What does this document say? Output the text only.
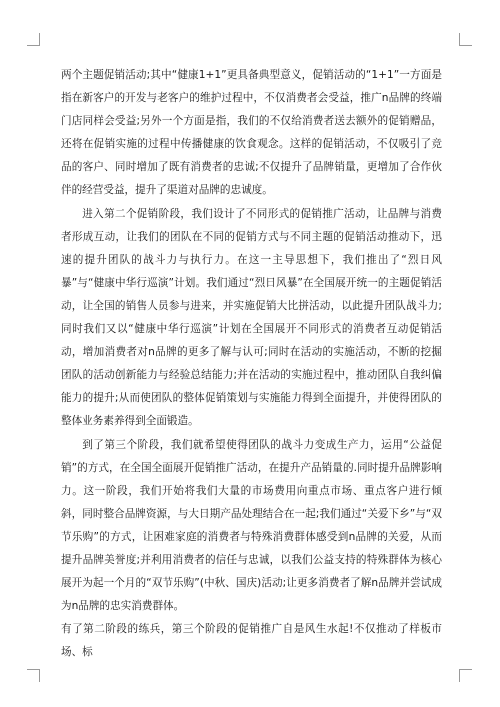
两个主题促销活动;其中“健康1+1”更具备典型意义，促销活动的“1+1”一方面是指在新客户的开发与老客户的维护过程中，不仅消费者会受益，推广n品牌的终端门店同样会受益;另外一个方面是指，我们的不仅给消费者送去额外的促销赠品，还将在促销实施的过程中传播健康的饮食观念。这样的促销活动，不仅吸引了竞品的客户、同时增加了既有消费者的忠诚;不仅提升了品牌销量，更增加了合作伙伴的经营受益，提升了渠道对品牌的忠诚度。

进入第二个促销阶段，我们设计了不同形式的促销推广活动，让品牌与消费者形成互动，让我们的团队在不同的促销方式与不同主题的促销活动推动下，迅速的提升团队的战斗力与执行力。在这一主导思想下，我们推出了“烈日风暴”与“健康中华行巡演”计划。我们通过“烈日风暴”在全国展开统一的主题促销活动，让全国的销售人员参与进来，并实施促销大比拼活动，以此提升团队战斗力;同时我们又以“健康中华行巡演”计划在全国展开不同形式的消费者互动促销活动，增加消费者对n品牌的更多了解与认可;同时在活动的实施活动，不断的挖掘团队的活动创新能力与经验总结能力;并在活动的实施过程中，推动团队自我纠偏能力的提升;从而使团队的整体促销策划与实施能力得到全面提升，并使得团队的整体业务素养得到全面锻造。

到了第三个阶段，我们就希望使得团队的战斗力变成生产力，运用“公益促销”的方式，在全国全面展开促销推广活动，在提升产品销量的.同时提升品牌影响力。这一阶段，我们开始将我们大量的市场费用向重点市场、重点客户进行倾斜，同时整合品牌资源，与大日期产品处理结合在一起;我们通过“关爱下乡”与“双节乐购”的方式，让困难家庭的消费者与特殊消费群体感受到n品牌的关爱，从而提升品牌美誉度;并利用消费者的信任与忠诚，以我们公益支持的特殊群体为核心展开为起一个月的“双节乐购”(中秋、国庆)活动;让更多消费者了解n品牌并尝试成为n品牌的忠实消费群体。

有了第二阶段的练兵，第三个阶段的促销推广自是风生水起!不仅推动了样板市场、标
